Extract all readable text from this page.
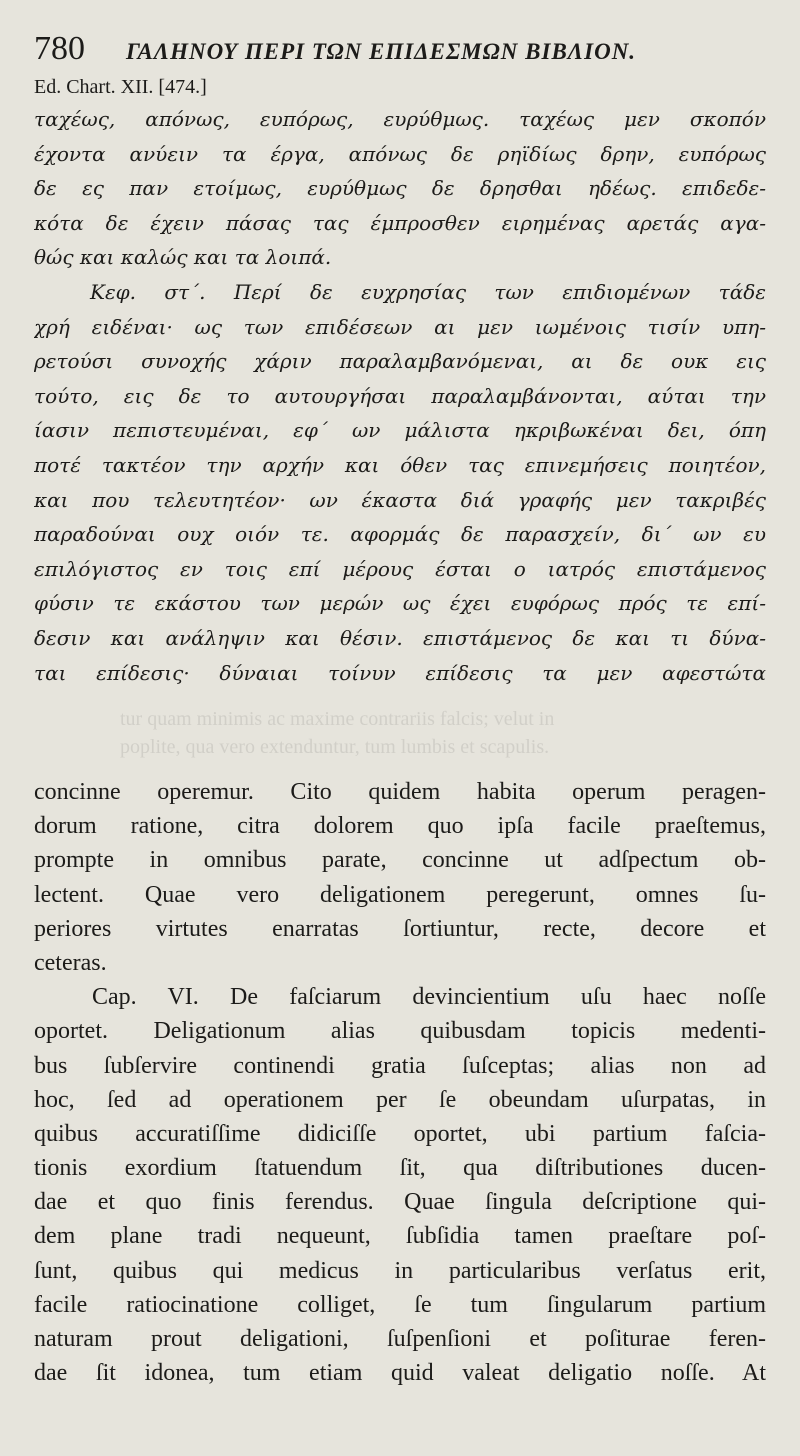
780	ΓΑΛΗΝΟΥ ΠΕΡΙ ΤΩΝ ΕΠΙΔΕΣΜΩΝ ΒΙΒΛΙΟΝ.
Ed. Chart. XII. [474.]
ταχέως, απόνως, ευπόρως, ευρύθμως. ταχέως μεν σκοπόν
έχοντα ανύειν τα έργα, απόνως δε ρηϊδίως δρην, ευπόρως
δε ες παν ετοίμως, ευρύθμως δε δρησθαι ηδέως. επιδεδε-
κότα δε έχειν πάσας τας έμπροσθεν ειρημένας αρετάς αγα-
θώς και καλώς και τα λοιπά.
Κεφ. στ΄. Περί δε ευχρησίας των επιδιομένων τάδε
χρή ειδέναι· ως των επιδέσεων αι μεν ιωμένοις τισίν υπη-
ρετούσι συνοχής χάριν παραλαμβανόμεναι, αι δε ουκ εις
τούτο, εις δε το αυτουργήσαι παραλαμβάνονται, αύται την
ίασιν πεπιστευμέναι, εφ΄ ων μάλιστα ηκριβωκέναι δει, όπη
ποτέ τακτέον την αρχήν και όθεν τας επινεμήσεις ποιητέον,
και που τελευτητέον· ων έκαστα διά γραφής μεν τακριβές
παραδούναι ουχ οιόν τε. αφορμάς δε παρασχείν, δι΄ ων ευ
επιλόγιστος εν τοις επί μέρους έσται ο ιατρός επιστάμενος
φύσιν τε εκάστου των μερών ως έχει ευφόρως πρός τε επί-
δεσιν και ανάληψιν και θέσιν. επιστάμενος δε και τι δύνα-
ται επίδεσις· δύναιαι τοίνυν επίδεσις τα μεν αφεστώτα
tur quam minimis ac maxime contrariis falcis; velut in
poplite, qua vero extenduntur, tum lumbis et scapulis.
concinne operemur. Cito quidem habita operum peragen-
dorum ratione, citra dolorem quo ipſa facile praeſtemus,
prompte in omnibus parate, concinne ut adſpectum ob-
lectent. Quae vero deligationem peregerunt, omnes ſu-
periores virtutes enarratas ſortiuntur, recte, decore et
ceteras.
Cap. VI. De faſciarum devincientium uſu haec noſſe
oportet. Deligationum alias quibusdam topicis medenti-
bus ſubſervire continendi gratia ſuſceptas; alias non ad
hoc, ſed ad operationem per ſe obeundam uſurpatas, in
quibus accuratiſſime didiciſſe oportet, ubi partium faſcia-
tionis exordium ſtatuendum ſit, qua diſtributiones ducen-
dae et quo finis ferendus. Quae ſingula deſcriptione qui-
dem plane tradi nequeunt, ſubſidia tamen praeſtare poſ-
ſunt, quibus qui medicus in particularibus verſatus erit,
facile ratiocinatione colliget, ſe tum ſingularum partium
naturam prout deligationi, ſuſpenſioni et poſiturae feren-
dae ſit idonea, tum etiam quid valeat deligatio noſſe. At
